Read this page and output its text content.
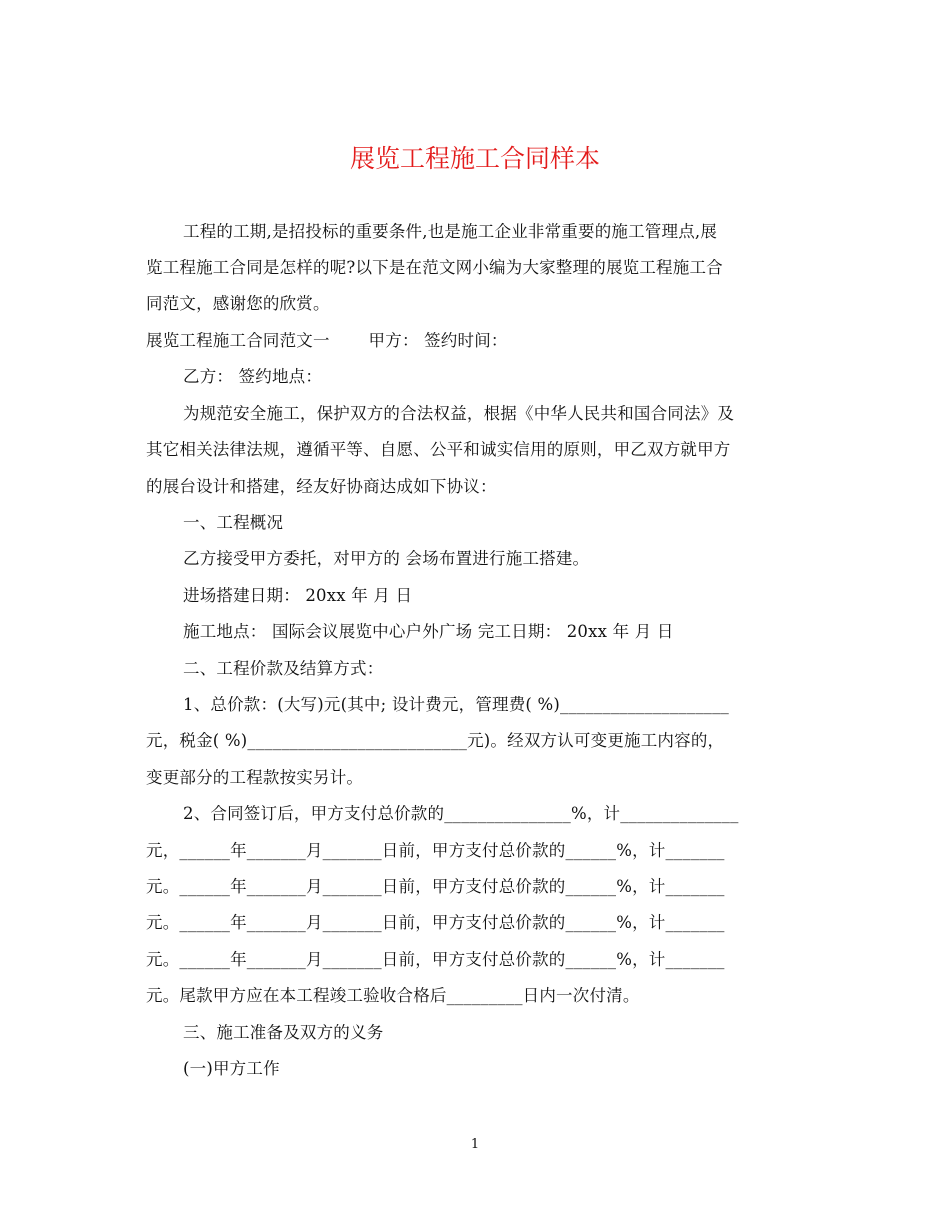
展览工程施工合同样本
工程的工期,是招投标的重要条件,也是施工企业非常重要的施工管理点,展
览工程施工合同是怎样的呢?以下是在范文网小编为大家整理的展览工程施工合
同范文，感谢您的欣赏。
展览工程施工合同范文一　　 甲方： 签约时间：
乙方： 签约地点：
为规范安全施工，保护双方的合法权益，根据《中华人民共和国合同法》及
其它相关法律法规，遵循平等、自愿、公平和诚实信用的原则，甲乙双方就甲方
的展台设计和搭建，经友好协商达成如下协议：
一、工程概况
乙方接受甲方委托，对甲方的 会场布置进行施工搭建。
进场搭建日期： 20xx 年 月 日
施工地点： 国际会议展览中心户外广场 完工日期： 20xx 年 月 日
二、工程价款及结算方式：
1、总价款：(大写)元(其中; 设计费元，管理费( %)____________________
元，税金( %)__________________________元)。经双方认可变更施工内容的，
变更部分的工程款按实另计。
2、合同签订后，甲方支付总价款的_______________%，计______________
元，______年_______月_______日前，甲方支付总价款的______%，计_______
元。______年_______月_______日前，甲方支付总价款的______%，计_______
元。______年_______月_______日前，甲方支付总价款的______%，计_______
元。______年_______月_______日前，甲方支付总价款的______%，计_______
元。尾款甲方应在本工程竣工验收合格后_________日内一次付清。
三、施工准备及双方的义务
(一)甲方工作
1
